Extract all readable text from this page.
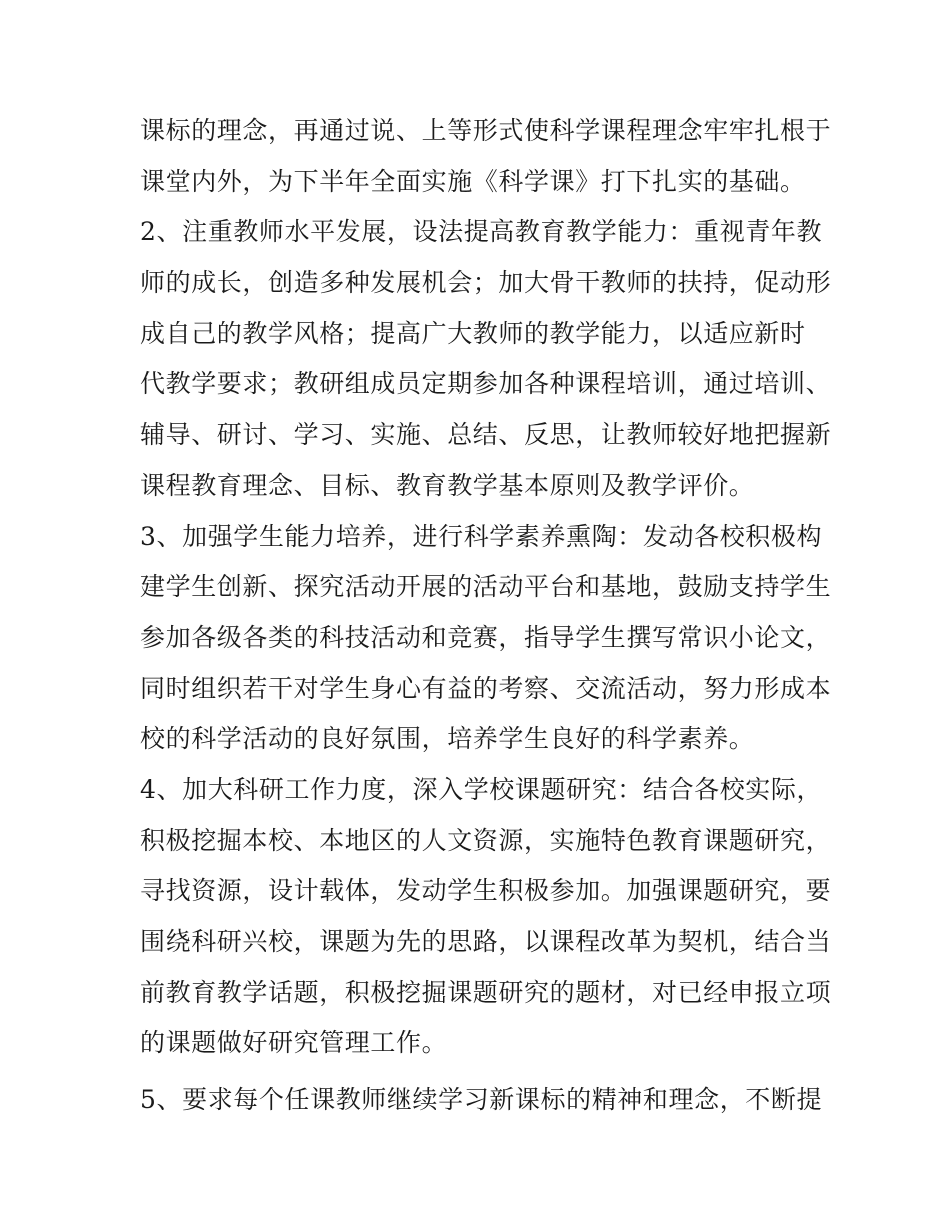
课标的理念，再通过说、上等形式使科学课程理念牢牢扎根于
课堂内外，为下半年全面实施《科学课》打下扎实的基础。
2、注重教师水平发展，设法提高教育教学能力：重视青年教
师的成长，创造多种发展机会；加大骨干教师的扶持，促动形
成自己的教学风格；提高广大教师的教学能力，以适应新时
代教学要求；教研组成员定期参加各种课程培训，通过培训、
辅导、研讨、学习、实施、总结、反思，让教师较好地把握新
课程教育理念、目标、教育教学基本原则及教学评价。
3、加强学生能力培养，进行科学素养熏陶：发动各校积极构
建学生创新、探究活动开展的活动平台和基地，鼓励支持学生
参加各级各类的科技活动和竞赛，指导学生撰写常识小论文，
同时组织若干对学生身心有益的考察、交流活动，努力形成本
校的科学活动的良好氛围，培养学生良好的科学素养。
4、加大科研工作力度，深入学校课题研究：结合各校实际，
积极挖掘本校、本地区的人文资源，实施特色教育课题研究，
寻找资源，设计载体，发动学生积极参加。加强课题研究，要
围绕科研兴校，课题为先的思路，以课程改革为契机，结合当
前教育教学话题，积极挖掘课题研究的题材，对已经申报立项
的课题做好研究管理工作。
5、要求每个任课教师继续学习新课标的精神和理念，不断提
